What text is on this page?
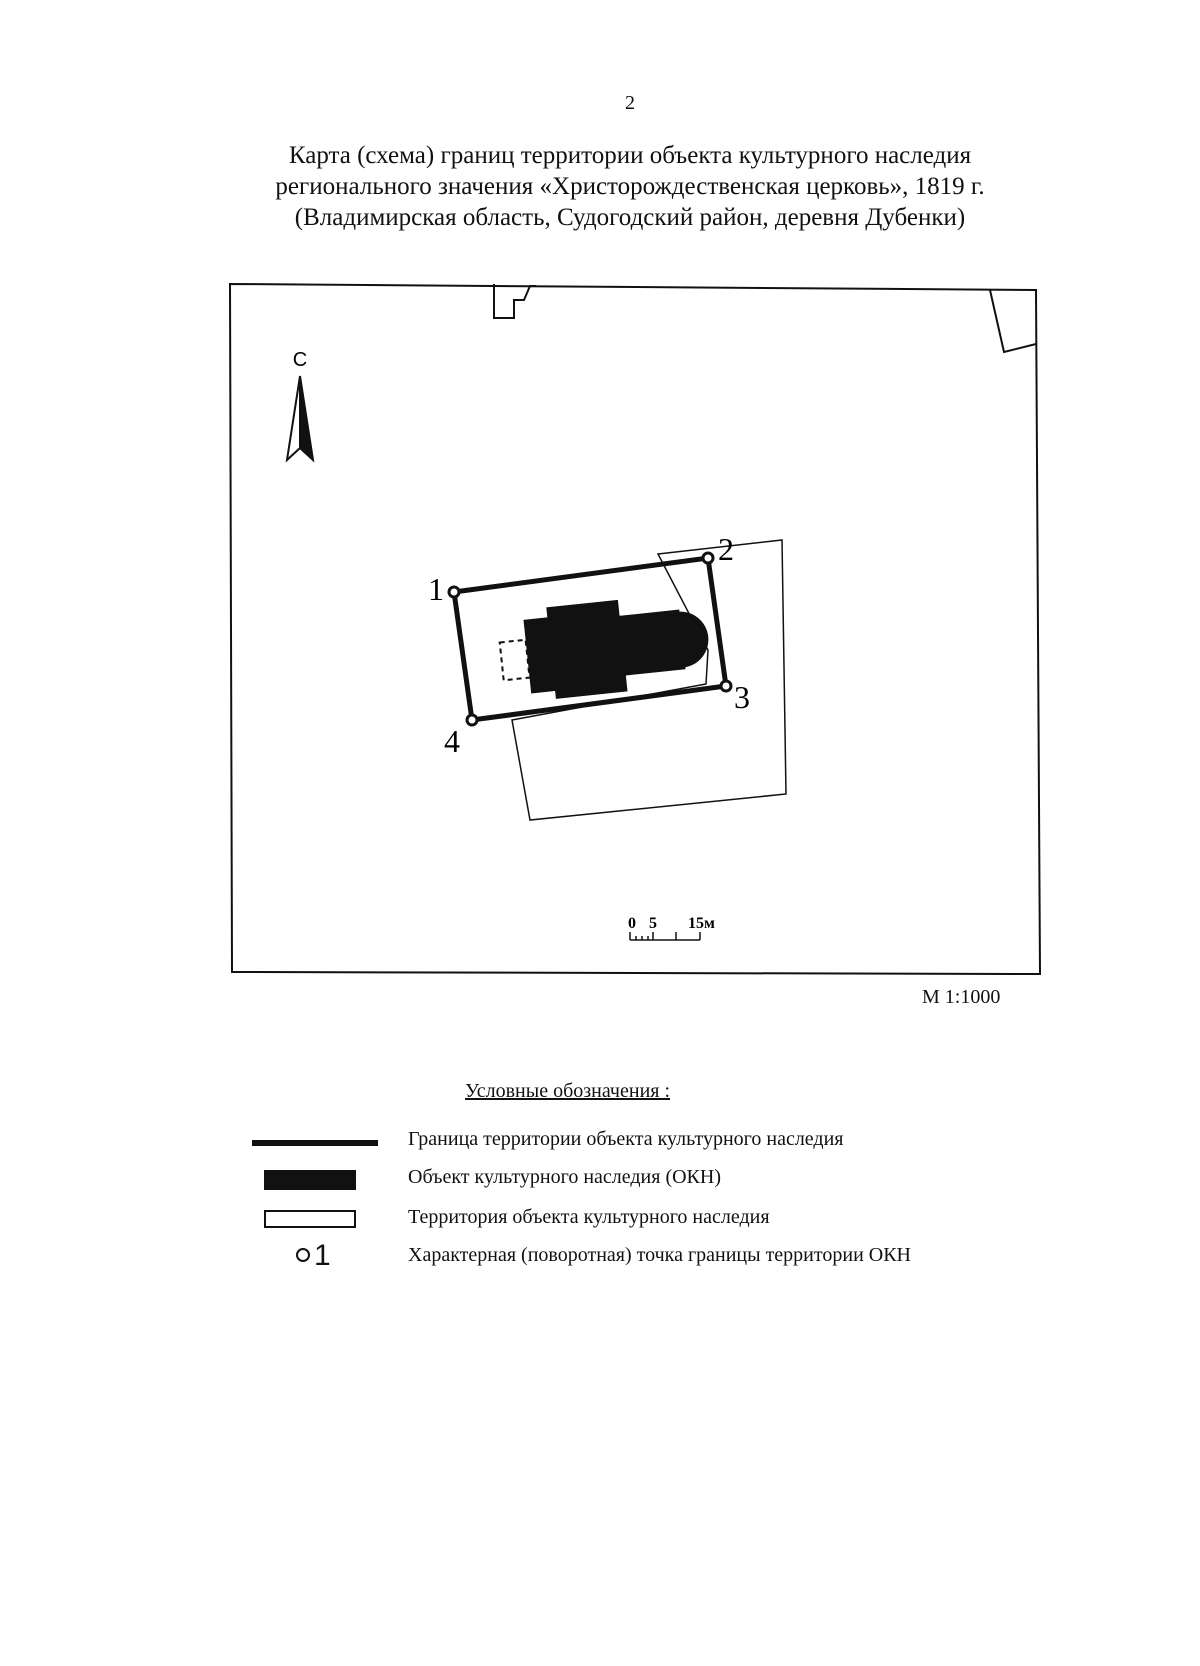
2
Карта (схема) границ территории объекта культурного наследия
регионального значения «Христорождественская церковь», 1819 г.
(Владимирская область, Судогодский район, деревня Дубенки)
С
1
2
3
4
0 5 15м
М 1:1000
Условные обозначения :
Граница территории объекта культурного наследия
Объект культурного наследия (ОКН)
Территория объекта культурного наследия
1	Характерная (поворотная) точка границы территории ОКН
